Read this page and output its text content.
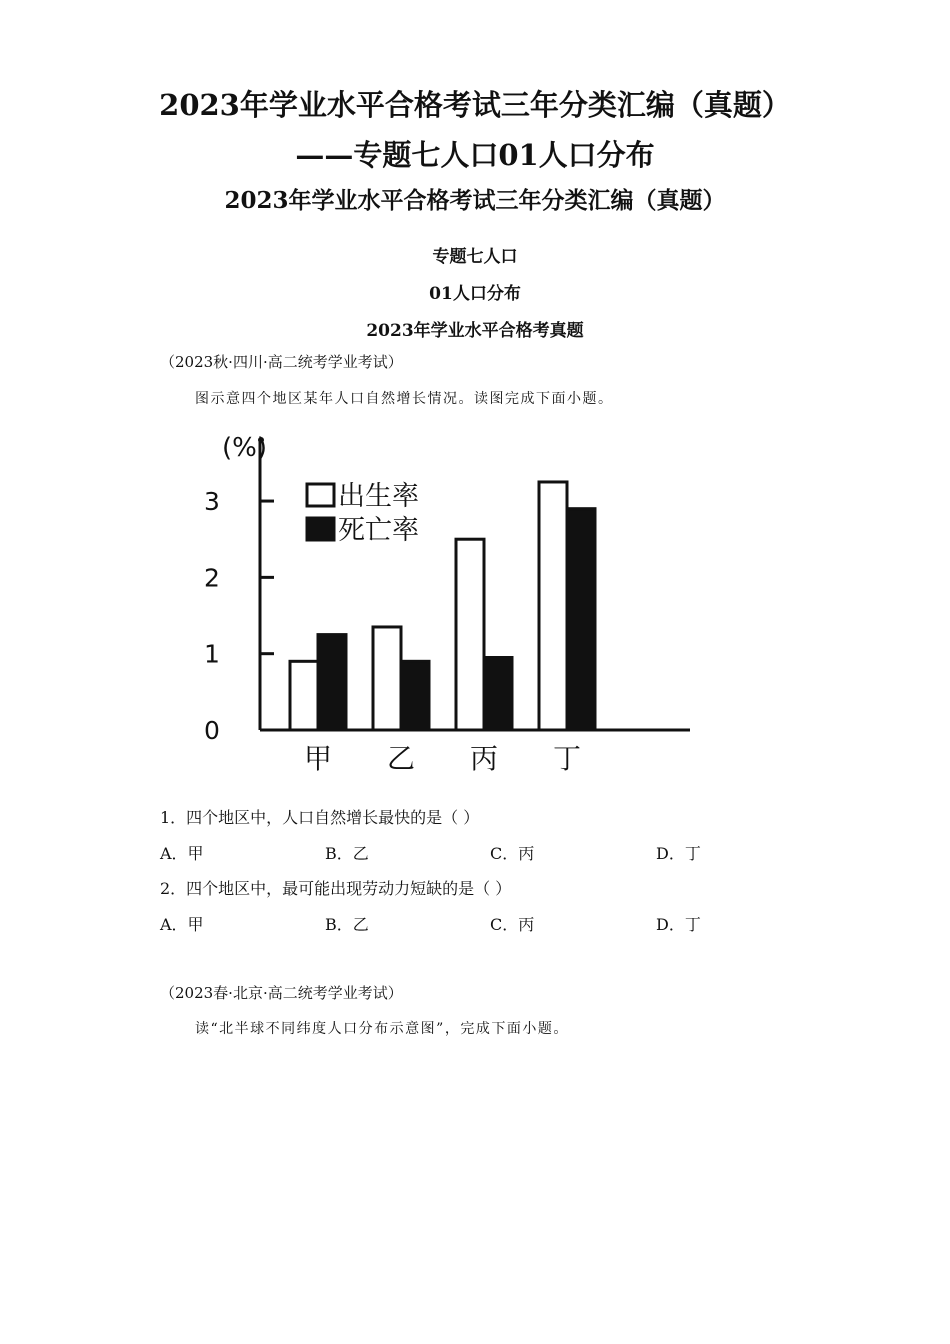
2023年学业水平合格考试三年分类汇编（真题）——专题七人口01人口分布
2023年学业水平合格考试三年分类汇编（真题）
专题七人口
01人口分布
2023年学业水平合格考真题
（2023秋·四川·高二统考学业考试）
图示意四个地区某年人口自然增长情况。读图完成下面小题。
(%)
0
1
2
3
甲 乙 丙 丁
出生率
死亡率
1．四个地区中，人口自然增长最快的是（ ）
A．甲	B．乙	C．丙	D．丁
2．四个地区中，最可能出现劳动力短缺的是（ ）
A．甲	B．乙	C．丙	D．丁
（2023春·北京·高二统考学业考试）
读“北半球不同纬度人口分布示意图”，完成下面小题。
